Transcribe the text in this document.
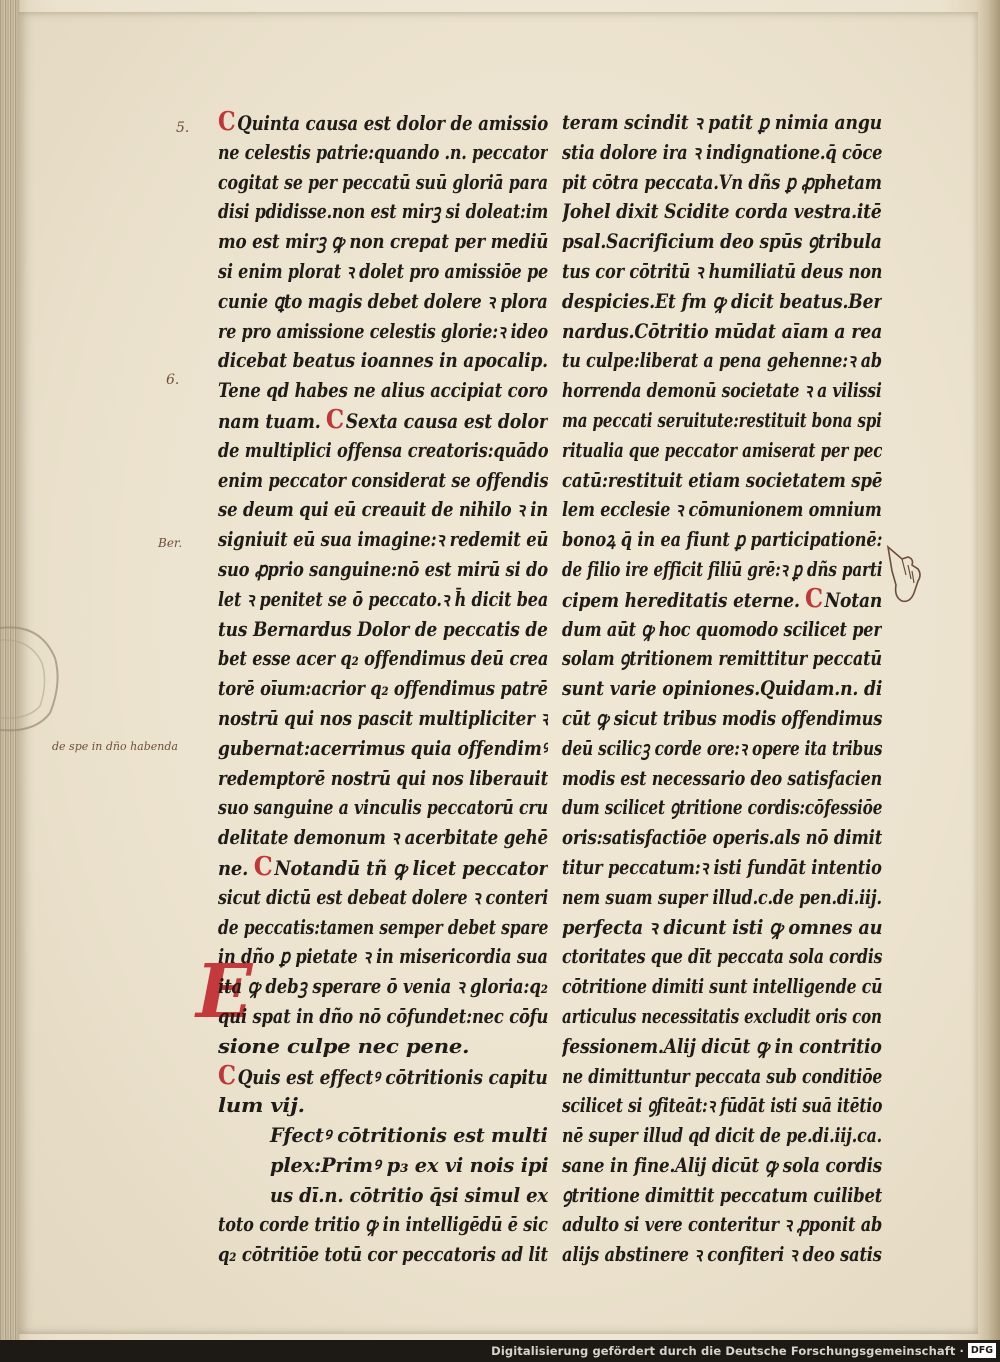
5.
6.
Ber.
de spe in dño habenda
E
CQuinta causa est dolor de amissio
ne celestis patrie:quando .n. peccator
cogitat se per peccatū suū gloriā para
disi pdidisse.non est mirꝫ si doleat:im
mo est mirꝫ ꝙ non crepat per mediū
si enim plorat ꝛ dolet pro amissiōe pe
cunie ꝗto magis debet dolere ꝛ plora
re pro amissione celestis glorie:ꝛ ideo
dicebat beatus ioannes in apocalip.
Tene qd habes ne alius accipiat coro
nam tuam. CSexta causa est dolor
de multiplici offensa creatoris:quādo
enim peccator considerat se offendis
se deum qui eū creauit de nihilo ꝛ in
signiuit eū sua imagine:ꝛ redemit eū
suo ꝓprio sanguine:nō est mirū si do
let ꝛ penitet se ō peccato.ꝛ h̄ dicit bea
tus Bernardus Dolor de peccatis de
bet esse acer q₂ offendimus deū crea
torē oīum:acrior q₂ offendimus patrē
nostrū qui nos pascit multipliciter ꝛ
gubernat:acerrimus quia offendimꝰ
redemptorē nostrū qui nos liberauit
suo sanguine a vinculis peccatorū cru
delitate demonum ꝛ acerbitate gehē
ne. CNotandū tñ ꝙ licet peccator
sicut dictū est debeat dolere ꝛ conteri
de peccatis:tamen semper debet spare
in dño ꝑ pietate ꝛ in misericordia sua
ita ꝙ debꝫ sperare ō venia ꝛ gloria:q₂
qui spat in dño nō cōfundet:nec cōfu
sione culpe nec pene.
CQuis est effectꝰ cōtritionis capitu
lum vij.
Ffectꝰ cōtritionis est multi
plex:Primꝰ p₃ ex vi nois ipi
us dī.n. cōtritio q̄si simul ex
toto corde tritio ꝙ in intelligēdū ē sic
q₂ cōtritiōe totū cor peccatoris ad lit
teram scindit ꝛ patit ꝑ nimia angu
stia dolore ira ꝛ indignatione.q̄ cōce
pit cōtra peccata.Vn dñs ꝑ ꝓphetam
Johel dixit Scidite corda vestra.itē
psal.Sacrificium deo spūs ꝯtribula
tus cor cōtritū ꝛ humiliatū deus non
despicies.Et fm ꝙ dicit beatus.Ber
nardus.Cōtritio mūdat aīam a rea
tu culpe:liberat a pena gehenne:ꝛ ab
horrenda demonū societate ꝛ a vilissi
ma peccati seruitute:restituit bona spi
ritualia que peccator amiserat per pec
catū:restituit etiam societatem spē
lem ecclesie ꝛ cōmunionem omnium
bonoꝝ q̄ in ea fiunt ꝑ participationē:
de filio ire efficit filiū grē:ꝛ ꝑ dñs parti
cipem hereditatis eterne. CNotan
dum aūt ꝙ hoc quomodo scilicet per
solam ꝯtritionem remittitur peccatū
sunt varie opiniones.Quidam.n. di
cūt ꝙ sicut tribus modis offendimus
deū scilicꝫ corde ore:ꝛ opere ita tribus
modis est necessario deo satisfacien
dum scilicet ꝯtritione cordis:cōfessiōe
oris:satisfactiōe operis.als nō dimit
titur peccatum:ꝛ isti fundāt intentio
nem suam super illud.c.de pen.di.iij.
perfecta ꝛ dicunt isti ꝙ omnes au
ctoritates que dīt peccata sola cordis
cōtritione dimiti sunt intelligende cū
articulus necessitatis excludit oris con
fessionem.Alij dicūt ꝙ in contritio
ne dimittuntur peccata sub conditiōe
scilicet si ꝯfiteāt:ꝛ fūdāt isti suā itētio
nē super illud qd dicit de pe.di.iij.ca.
sane in fine.Alij dicūt ꝙ sola cordis
ꝯtritione dimittit peccatum cuilibet
adulto si vere conteritur ꝛ ꝓponit ab
alijs abstinere ꝛ confiteri ꝛ deo satis
Digitalisierung gefördert durch die Deutsche Forschungsgemeinschaft · DFG
